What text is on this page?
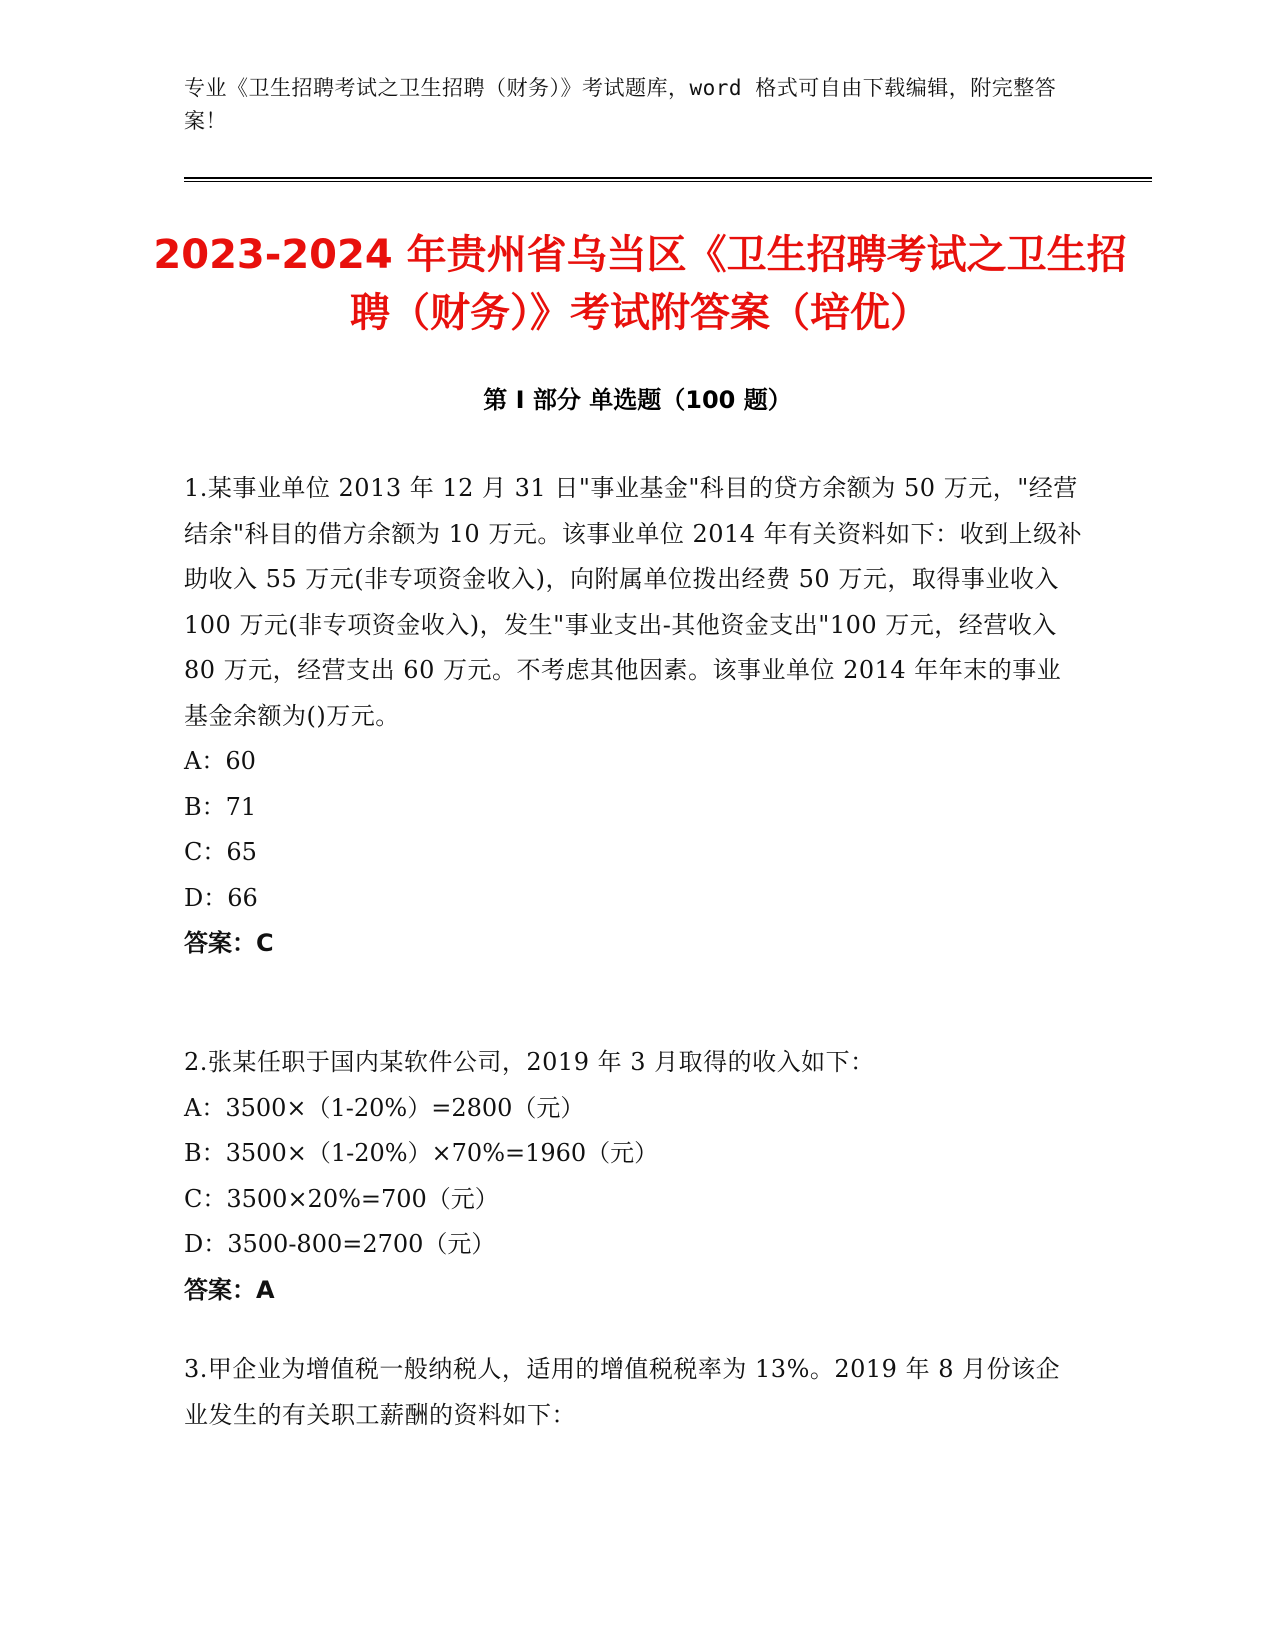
专业《卫生招聘考试之卫生招聘（财务）》考试题库，word 格式可自由下载编辑，附完整答案！
2023-2024 年贵州省乌当区《卫生招聘考试之卫生招聘（财务）》考试附答案（培优）
第 I 部分 单选题（100 题）
1.某事业单位 2013 年 12 月 31 日"事业基金"科目的贷方余额为 50 万元，"经营结余"科目的借方余额为 10 万元。该事业单位 2014 年有关资料如下：收到上级补助收入 55 万元(非专项资金收入)，向附属单位拨出经费 50 万元，取得事业收入 100 万元(非专项资金收入)，发生"事业支出-其他资金支出"100 万元，经营收入 80 万元，经营支出 60 万元。不考虑其他因素。该事业单位 2014 年年末的事业基金余额为()万元。
A：60
B：71
C：65
D：66
答案：C
2.张某任职于国内某软件公司，2019 年 3 月取得的收入如下：
A：3500×（1-20%）=2800（元）
B：3500×（1-20%）×70%=1960（元）
C：3500×20%=700（元）
D：3500-800=2700（元）
答案：A
3.甲企业为增值税一般纳税人，适用的增值税税率为 13%。2019 年 8 月份该企业发生的有关职工薪酬的资料如下：
